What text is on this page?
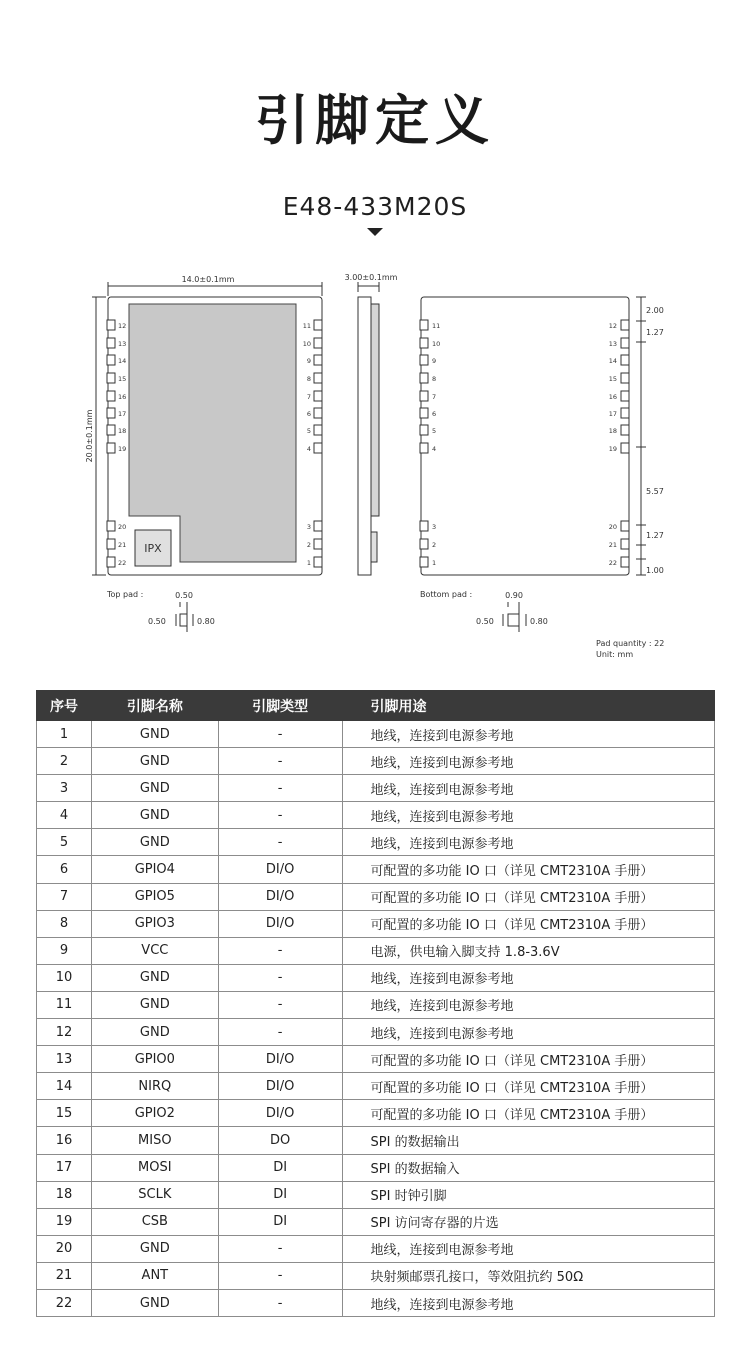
引脚定义
E48-433M20S
12	11	11	12
13	10	10	13
14	9	9	14
15	8	8	15
16	7	7	16
17	6	6	17
18	5	5	18
19	4	4	19
20	3	3	20
21	2	2	21
22	1	1	22
14.0±0.1mm
20.0±0.1mm
IPX
3.00±0.1mm
2.00
1.27
5.57
1.27
1.00
Top pad :	0.50
0.50	0.80
Bottom pad :	0.90
0.50	0.80
Pad quantity : 22
Unit: mm
序号	引脚名称	引脚类型	引脚用途
1	GND	-	地线，连接到电源参考地
2	GND	-	地线，连接到电源参考地
3	GND	-	地线，连接到电源参考地
4	GND	-	地线，连接到电源参考地
5	GND	-	地线，连接到电源参考地
6	GPIO4	DI/O	可配置的多功能 IO 口（详见 CMT2310A 手册）
7	GPIO5	DI/O	可配置的多功能 IO 口（详见 CMT2310A 手册）
8	GPIO3	DI/O	可配置的多功能 IO 口（详见 CMT2310A 手册）
9	VCC	-	电源，供电输入脚支持 1.8-3.6V
10	GND	-	地线，连接到电源参考地
11	GND	-	地线，连接到电源参考地
12	GND	-	地线，连接到电源参考地
13	GPIO0	DI/O	可配置的多功能 IO 口（详见 CMT2310A 手册）
14	NIRQ	DI/O	可配置的多功能 IO 口（详见 CMT2310A 手册）
15	GPIO2	DI/O	可配置的多功能 IO 口（详见 CMT2310A 手册）
16	MISO	DO	SPI 的数据输出
17	MOSI	DI	SPI 的数据输入
18	SCLK	DI	SPI 时钟引脚
19	CSB	DI	SPI 访问寄存器的片选
20	GND	-	地线，连接到电源参考地
21	ANT	-	块射频邮票孔接口，等效阻抗约 50Ω
22	GND	-	地线，连接到电源参考地
